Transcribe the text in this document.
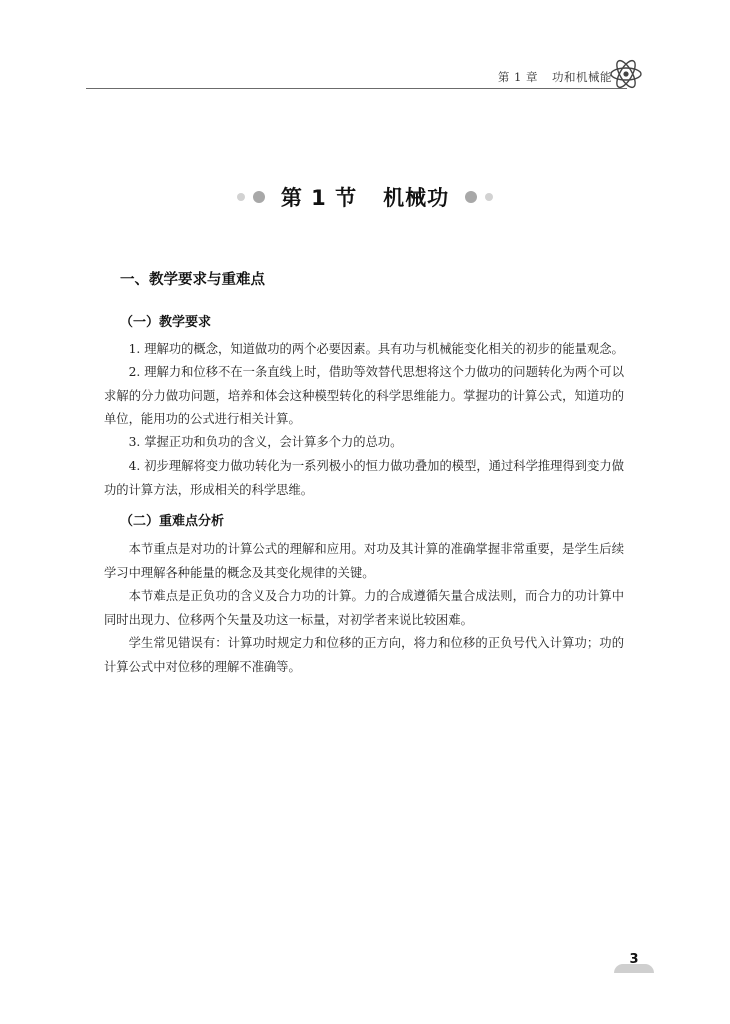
第 1 章 功和机械能
第 1 节 机械功
一、教学要求与重难点
（一）教学要求

1. 理解功的概念，知道做功的两个必要因素。具有功与机械能变化相关的初步的能量观念。

2. 理解力和位移不在一条直线上时，借助等效替代思想将这个力做功的问题转化为两个可以求解的分力做功问题，培养和体会这种模型转化的科学思维能力。掌握功的计算公式，知道功的单位，能用功的公式进行相关计算。

3. 掌握正功和负功的含义，会计算多个力的总功。

4. 初步理解将变力做功转化为一系列极小的恒力做功叠加的模型，通过科学推理得到变力做功的计算方法，形成相关的科学思维。

（二）重难点分析

本节重点是对功的计算公式的理解和应用。对功及其计算的准确掌握非常重要，是学生后续学习中理解各种能量的概念及其变化规律的关键。

本节难点是正负功的含义及合力功的计算。力的合成遵循矢量合成法则，而合力的功计算中同时出现力、位移两个矢量及功这一标量，对初学者来说比较困难。

学生常见错误有：计算功时规定力和位移的正方向，将力和位移的正负号代入计算功；功的计算公式中对位移的理解不准确等。

3
